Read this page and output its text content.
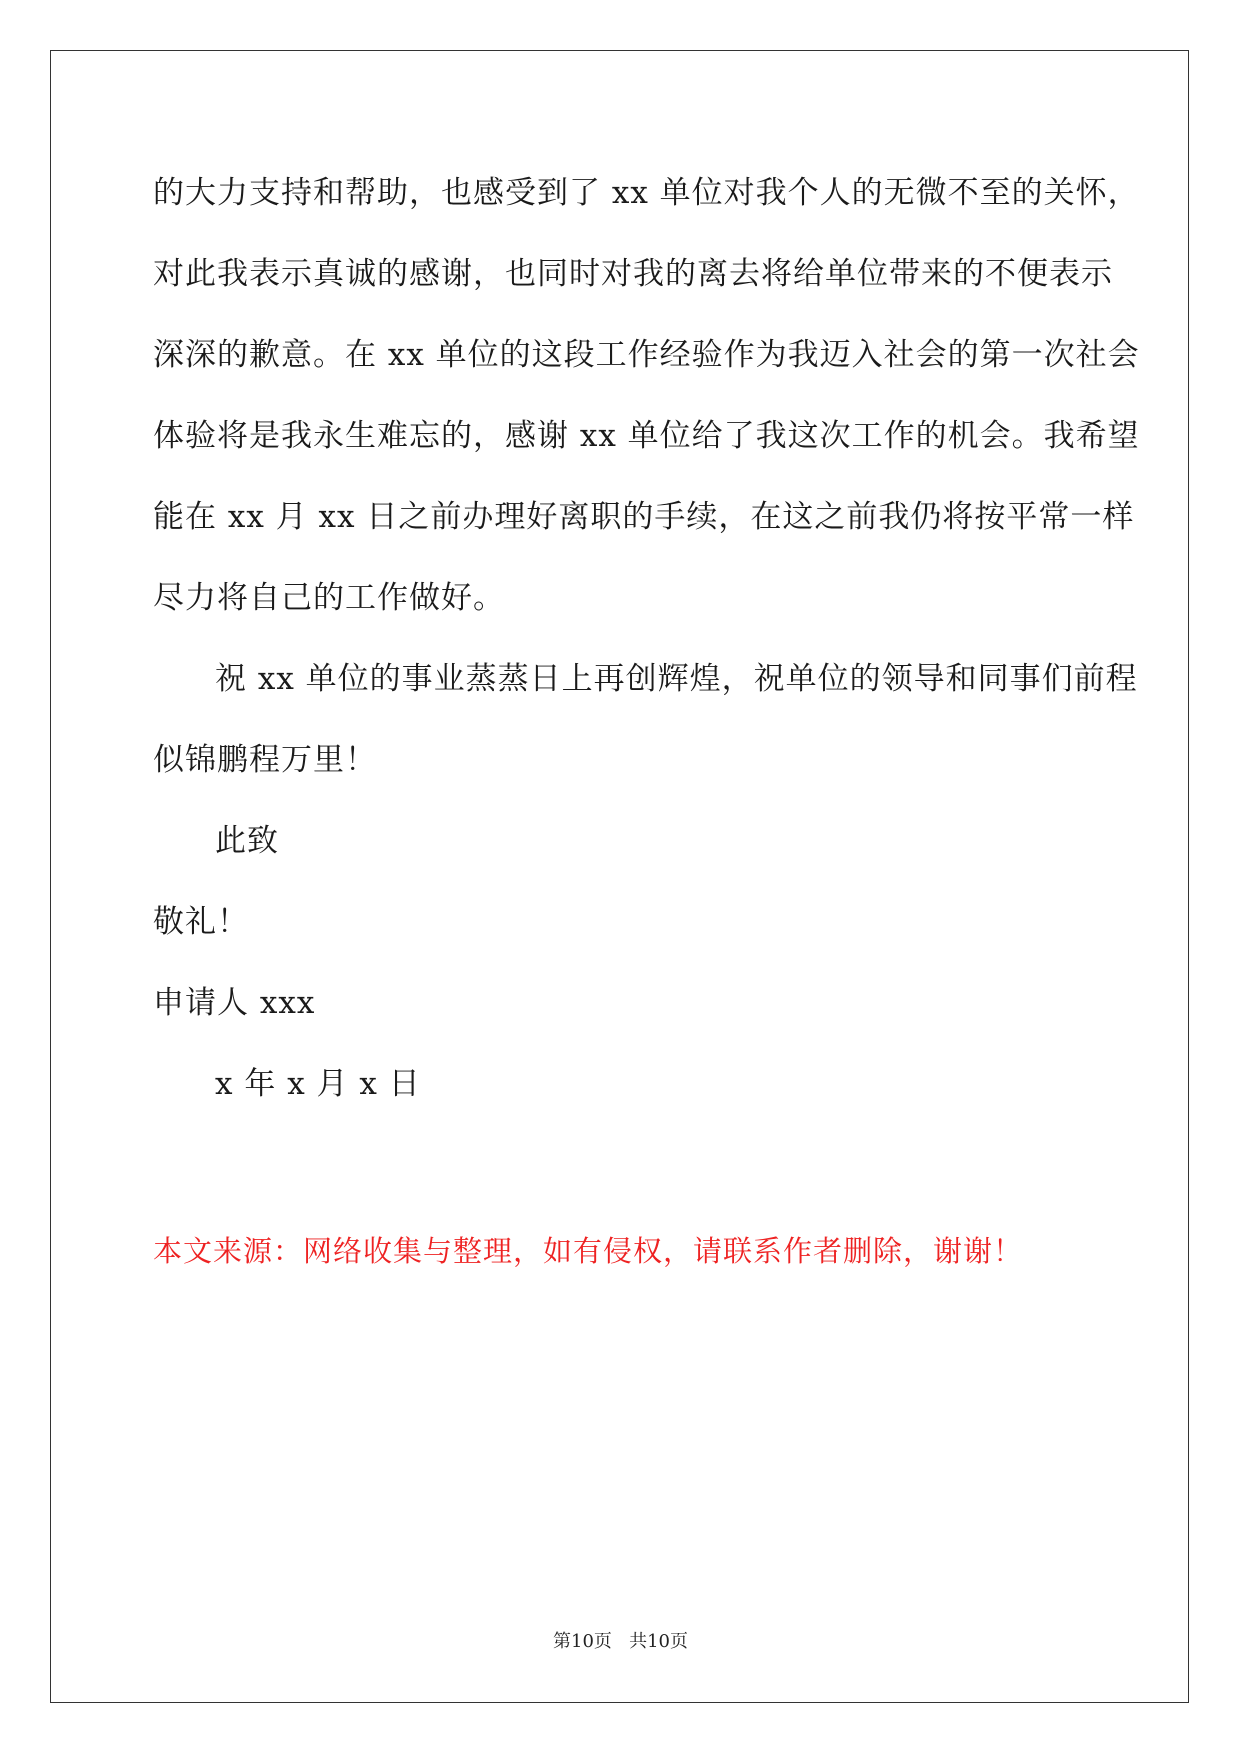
的大力支持和帮助，也感受到了 xx 单位对我个人的无微不至的关怀，
对此我表示真诚的感谢，也同时对我的离去将给单位带来的不便表示
深深的歉意。在 xx 单位的这段工作经验作为我迈入社会的第一次社会
体验将是我永生难忘的，感谢 xx 单位给了我这次工作的机会。我希望
能在 xx 月 xx 日之前办理好离职的手续，在这之前我仍将按平常一样
尽力将自己的工作做好。
祝 xx 单位的事业蒸蒸日上再创辉煌，祝单位的领导和同事们前程
似锦鹏程万里！
此致
敬礼！
申请人 xxx
x 年 x 月 x 日
本文来源：网络收集与整理，如有侵权，请联系作者删除，谢谢！
第10页   共10页
